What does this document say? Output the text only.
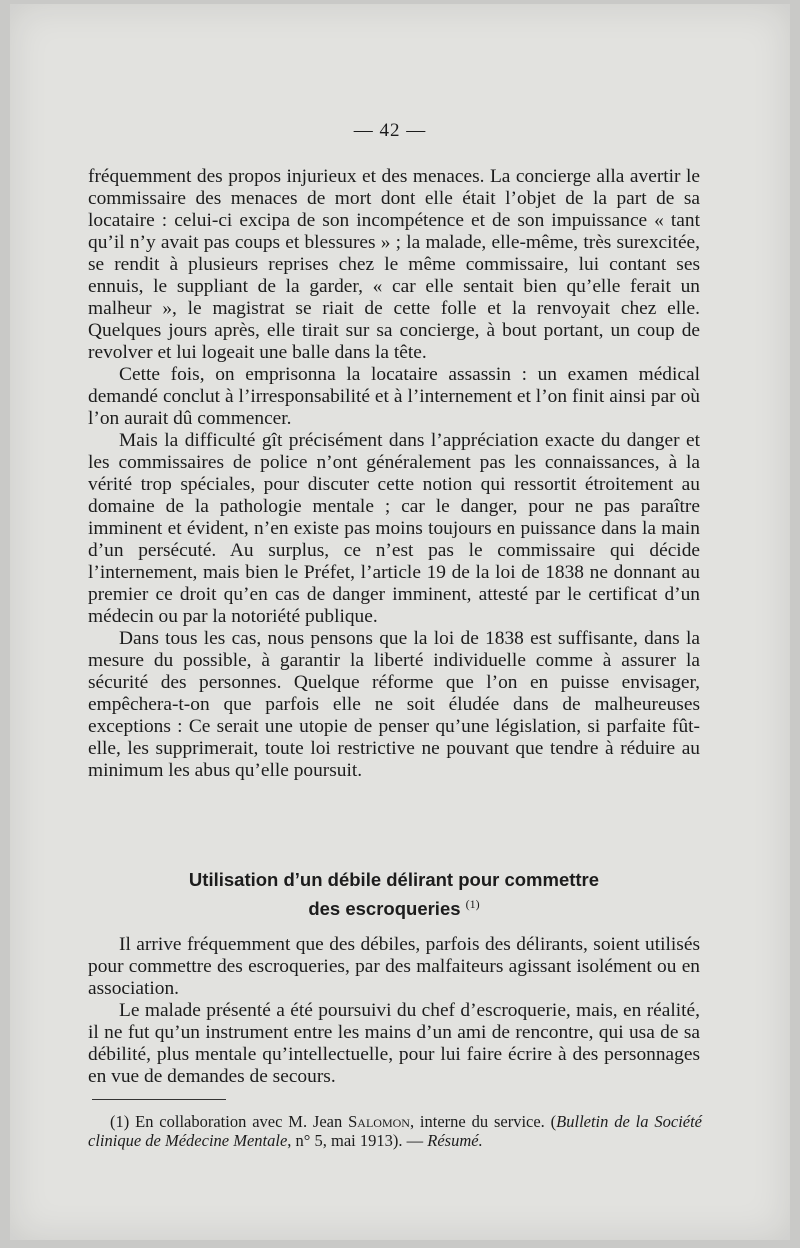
— 42 —

fréquemment des propos injurieux et des menaces. La concierge alla avertir le commissaire des menaces de mort dont elle était l’objet de la part de sa locataire : celui-ci excipa de son incompétence et de son impuissance « tant qu’il n’y avait pas coups et blessures » ; la malade, elle-même, très surexcitée, se rendit à plusieurs reprises chez le même commissaire, lui contant ses ennuis, le suppliant de la garder, « car elle sentait bien qu’elle ferait un malheur », le magistrat se riait de cette folle et la renvoyait chez elle. Quelques jours après, elle tirait sur sa concierge, à bout portant, un coup de revolver et lui logeait une balle dans la tête.

Cette fois, on emprisonna la locataire assassin : un examen médical demandé conclut à l’irresponsabilité et à l’internement et l’on finit ainsi par où l’on aurait dû commencer.

Mais la difficulté gît précisément dans l’appréciation exacte du danger et les commissaires de police n’ont généralement pas les connaissances, à la vérité trop spéciales, pour discuter cette notion qui ressortit étroitement au domaine de la pathologie mentale ; car le danger, pour ne pas paraître imminent et évident, n’en existe pas moins toujours en puissance dans la main d’un persécuté. Au surplus, ce n’est pas le commissaire qui décide l’internement, mais bien le Préfet, l’article 19 de la loi de 1838 ne donnant au premier ce droit qu’en cas de danger imminent, attesté par le certificat d’un médecin ou par la notoriété publique.

Dans tous les cas, nous pensons que la loi de 1838 est suffisante, dans la mesure du possible, à garantir la liberté individuelle comme à assurer la sécurité des personnes. Quelque réforme que l’on en puisse envisager, empêchera-t-on que parfois elle ne soit éludée dans de malheureuses exceptions : Ce serait une utopie de penser qu’une législation, si parfaite fût-elle, les supprimerait, toute loi restrictive ne pouvant que tendre à réduire au minimum les abus qu’elle poursuit.

Utilisation d’un débile délirant pour commettre
des escroqueries $^{(1)}$

Il arrive fréquemment que des débiles, parfois des délirants, soient utilisés pour commettre des escroqueries, par des malfaiteurs agissant isolément ou en association.

Le malade présenté a été poursuivi du chef d’escroquerie, mais, en réalité, il ne fut qu’un instrument entre les mains d’un ami de rencontre, qui usa de sa débilité, plus mentale qu’intellectuelle, pour lui faire écrire à des personnages en vue de demandes de secours.

(1) En collaboration avec M. Jean Salomon, interne du service. (Bulletin de la Société clinique de Médecine Mentale, n° 5, mai 1913). — Résumé.
